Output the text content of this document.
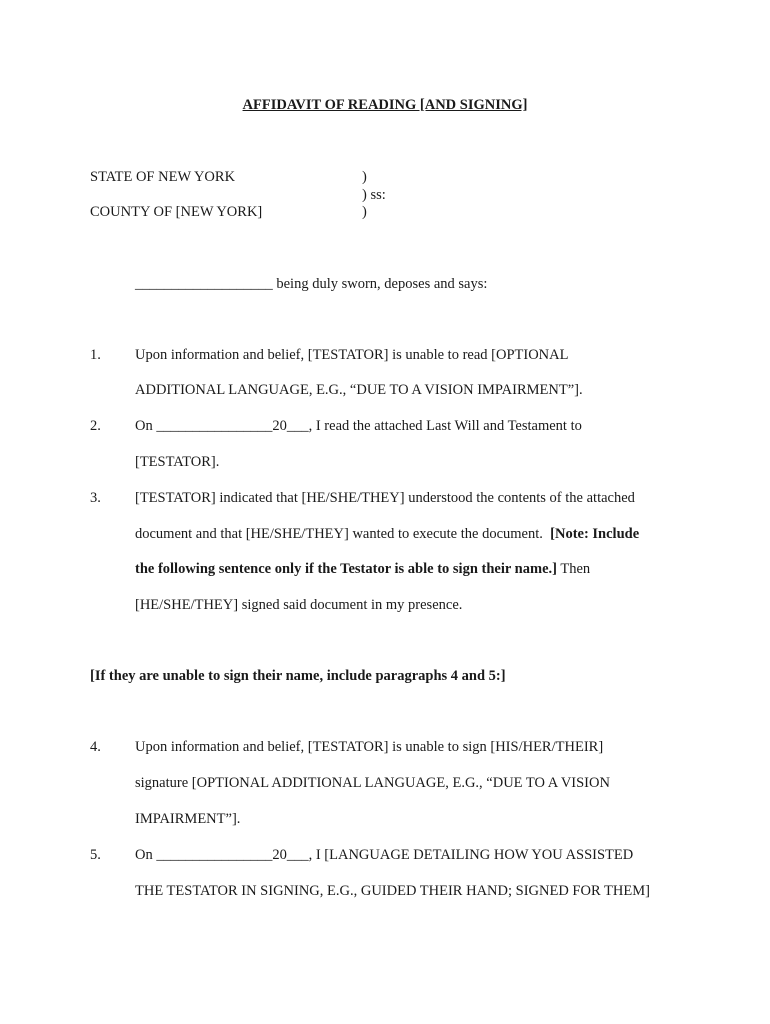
AFFIDAVIT OF READING [AND SIGNING]
STATE OF NEW YORK
COUNTY OF [NEW YORK]
)
) ss:
)
___________________ being duly sworn, deposes and says:
1. Upon information and belief, [TESTATOR] is unable to read [OPTIONAL
ADDITIONAL LANGUAGE, E.G., “DUE TO A VISION IMPAIRMENT”].
2. On ________________20___, I read the attached Last Will and Testament to
[TESTATOR].
3. [TESTATOR] indicated that [HE/SHE/THEY] understood the contents of the attached
document and that [HE/SHE/THEY] wanted to execute the document. [Note: Include
the following sentence only if the Testator is able to sign their name.] Then
[HE/SHE/THEY] signed said document in my presence.
[If they are unable to sign their name, include paragraphs 4 and 5:]
4. Upon information and belief, [TESTATOR] is unable to sign [HIS/HER/THEIR]
signature [OPTIONAL ADDITIONAL LANGUAGE, E.G., “DUE TO A VISION
IMPAIRMENT”].
5. On ________________20___, I [LANGUAGE DETAILING HOW YOU ASSISTED
THE TESTATOR IN SIGNING, E.G., GUIDED THEIR HAND; SIGNED FOR THEM]
